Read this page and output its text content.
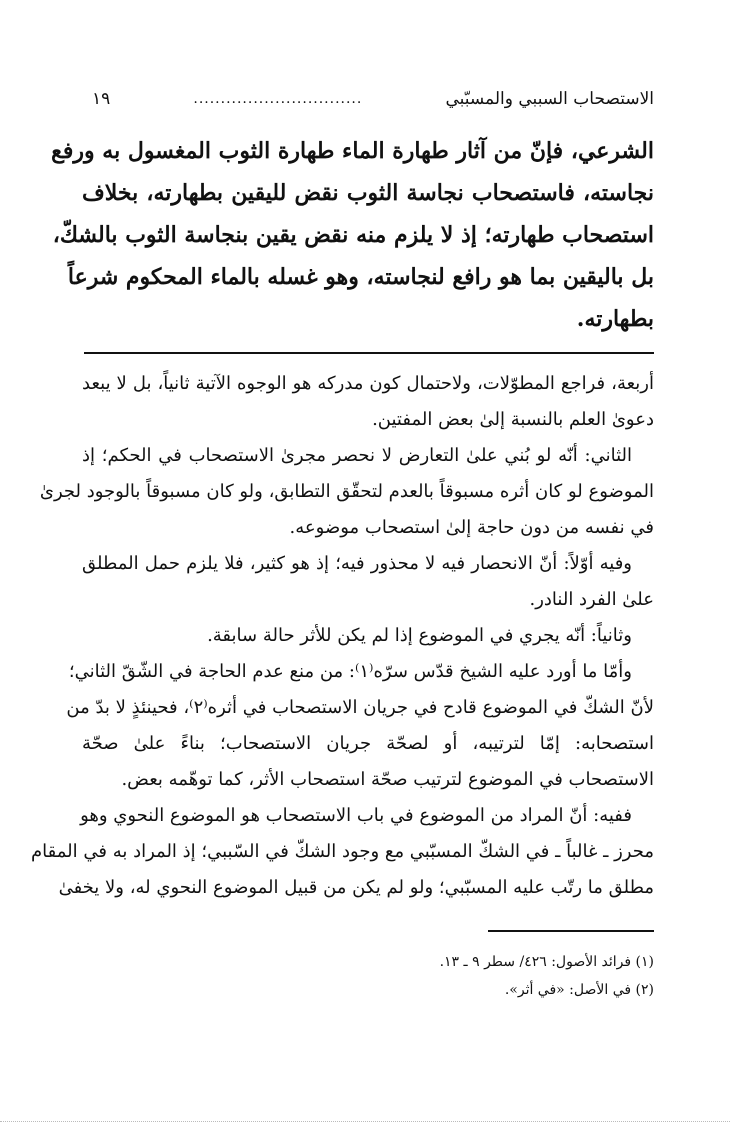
الاستصحاب السببي والمسبّبي
...............................
١٩

الشرعي، فإنّ من آثار طهارة الماء طهارة الثوب المغسول به ورفع

نجاسته، فاستصحاب نجاسة الثوب نقض لليقين بطهارته، بخلاف

استصحاب طهارته؛ إذ لا يلزم منه نقض يقين بنجاسة الثوب بالشكّ،

بل باليقين بما هو رافع لنجاسته، وهو غسله بالماء المحكوم شرعاً

بطهارته.

أربعة، فراجع المطوّلات، ولاحتمال كون مدركه هو الوجوه الآتية ثانياً، بل لا يبعد

دعوىٰ العلم بالنسبة إلىٰ بعض المفتين.

الثاني: أنّه لو بُني علىٰ التعارض لا نحصر مجرىٰ الاستصحاب في الحكم؛ إذ

الموضوع لو كان أثره مسبوقاً بالعدم لتحقّق التطابق، ولو كان مسبوقاً بالوجود لجرىٰ

في نفسه من دون حاجة إلىٰ استصحاب موضوعه.

وفيه أوّلاً: أنّ الانحصار فيه لا محذور فيه؛ إذ هو كثير، فلا يلزم حمل المطلق

علىٰ الفرد النادر.

وثانياً: أنّه يجري في الموضوع إذا لم يكن للأثر حالة سابقة.

وأمّا ما أورد عليه الشيخ قدّس سرّه⁽١⁾: من منع عدم الحاجة في الشّقّ الثاني؛

لأنّ الشكّ في الموضوع قادح في جريان الاستصحاب في أثره⁽٢⁾، فحينئذٍ لا بدّ من

استصحابه: إمّا لترتيبه، أو لصحّة جريان الاستصحاب؛ بناءً علىٰ صحّة

الاستصحاب في الموضوع لترتيب صحّة استصحاب الأثر، كما توهّمه بعض.

ففيه: أنّ المراد من الموضوع في باب الاستصحاب هو الموضوع النحوي وهو

محرز ـ غالباً ـ في الشكّ المسبّبي مع وجود الشكّ في السّببي؛ إذ المراد به في المقام

مطلق ما رتّب عليه المسبّبي؛ ولو لم يكن من قبيل الموضوع النحوي له، ولا يخفىٰ

(١) فرائد الأصول: ٤٢٦/ سطر ٩ ـ ١٣.

(٢) في الأصل: «في أثر».
